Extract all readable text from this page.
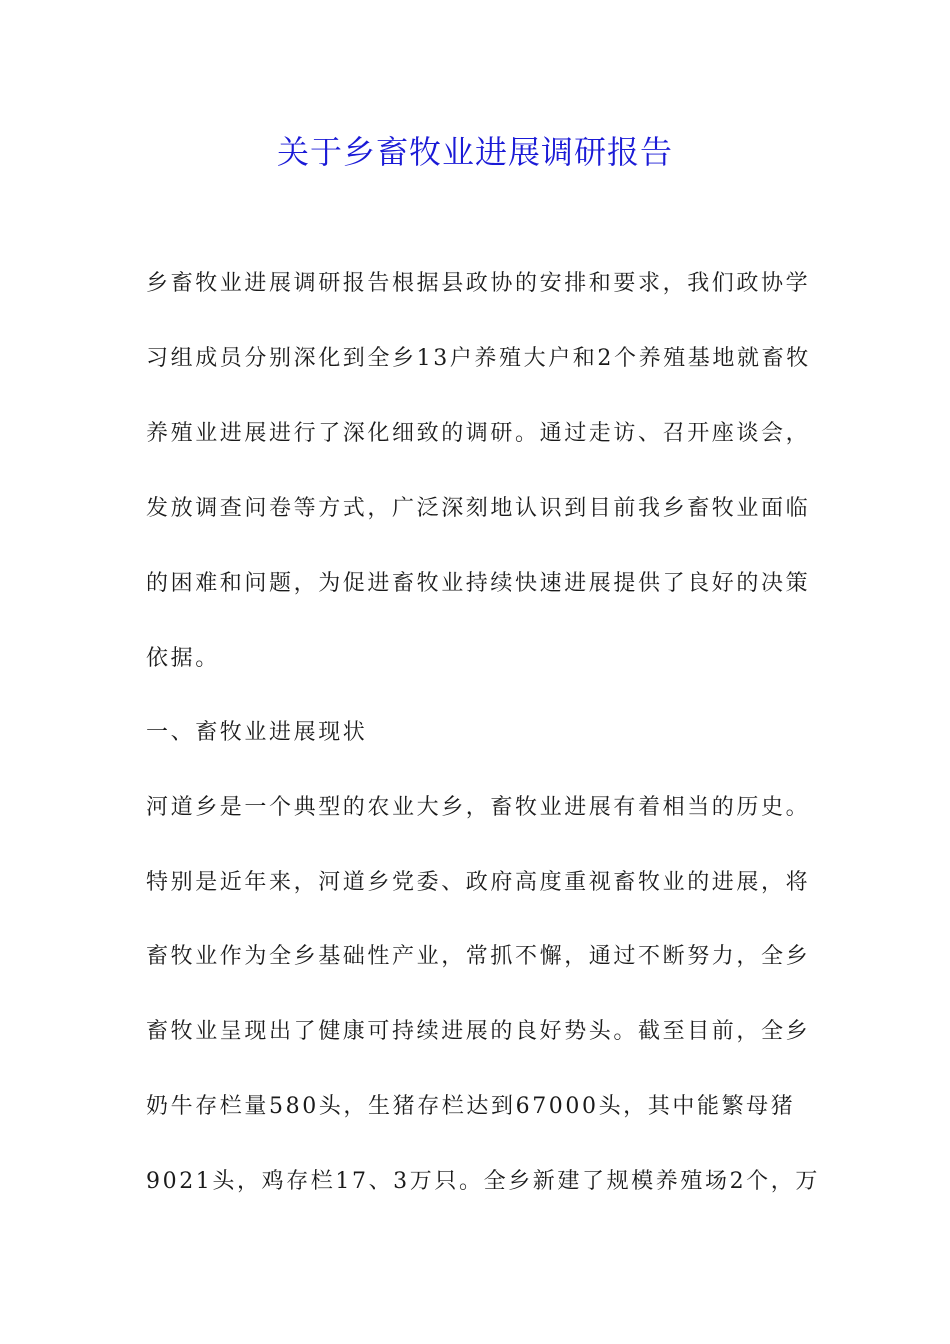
关于乡畜牧业进展调研报告
乡畜牧业进展调研报告根据县政协的安排和要求，我们政协学
习组成员分别深化到全乡13户养殖大户和2个养殖基地就畜牧
养殖业进展进行了深化细致的调研。通过走访、召开座谈会，
发放调查问卷等方式，广泛深刻地认识到目前我乡畜牧业面临
的困难和问题，为促进畜牧业持续快速进展提供了良好的决策
依据。
一、畜牧业进展现状
河道乡是一个典型的农业大乡，畜牧业进展有着相当的历史。
特别是近年来，河道乡党委、政府高度重视畜牧业的进展，将
畜牧业作为全乡基础性产业，常抓不懈，通过不断努力，全乡
畜牧业呈现出了健康可持续进展的良好势头。截至目前，全乡
奶牛存栏量580头，生猪存栏达到67000头，其中能繁母猪
9021头，鸡存栏17、3万只。全乡新建了规模养殖场2个，万
